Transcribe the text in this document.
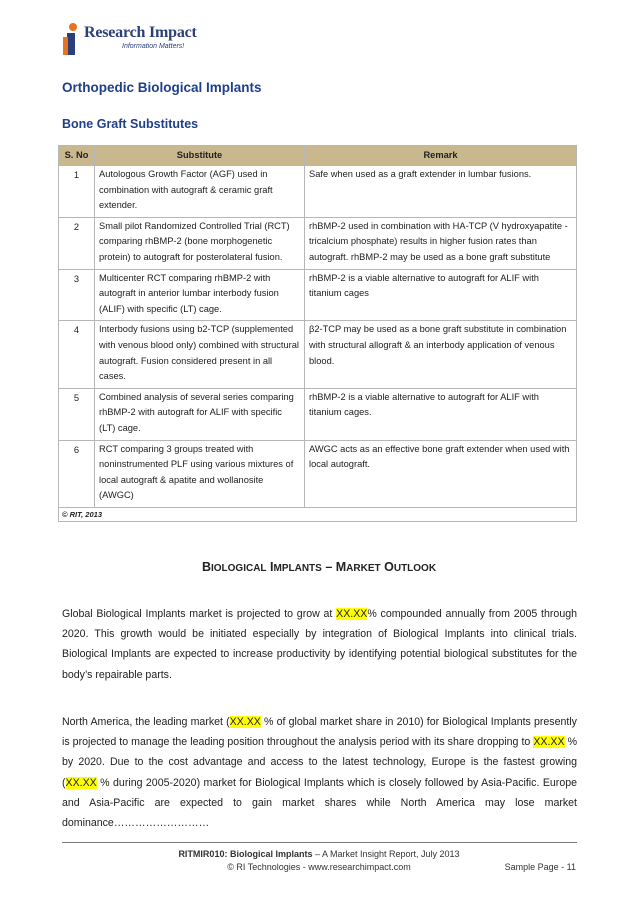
Research Impact
Information Matters!
Orthopedic Biological Implants
Bone Graft Substitutes
S. No	Substitute	Remark
1	Autologous Growth Factor (AGF) used in combination with autograft & ceramic graft extender.	Safe when used as a graft extender in lumbar fusions.
2	Small pilot Randomized Controlled Trial (RCT) comparing rhBMP-2 (bone morphogenetic protein) to autograft for posterolateral fusion.	rhBMP-2 used in combination with HA-TCP (V hydroxyapatite - tricalcium phosphate) results in higher fusion rates than autograft. rhBMP-2 may be used as a bone graft substitute
3	Multicenter RCT comparing rhBMP-2 with autograft in anterior lumbar interbody fusion (ALIF) with specific (LT) cage.	rhBMP-2 is a viable alternative to autograft for ALIF with titanium cages
4	Interbody fusions using b2-TCP (supplemented with venous blood only) combined with structural autograft. Fusion considered present in all cases.	β2-TCP may be used as a bone graft substitute in combination with structural allograft & an interbody application of venous blood.
5	Combined analysis of several series comparing rhBMP-2 with autograft for ALIF with specific (LT) cage.	rhBMP-2 is a viable alternative to autograft for ALIF with titanium cages.
6	RCT comparing 3 groups treated with noninstrumented PLF using various mixtures of local autograft & apatite and wollanosite (AWGC)	AWGC acts as an effective bone graft extender when used with local autograft.
© RIT, 2013		
BIOLOGICAL IMPLANTS – MARKET OUTLOOK
Global Biological Implants market is projected to grow at XX.XX% compounded annually from 2005 through 2020. This growth would be initiated especially by integration of Biological Implants into clinical trials. Biological Implants are expected to increase productivity by identifying potential biological substitutes for the body’s repairable parts.
North America, the leading market (XX.XX % of global market share in 2010) for Biological Implants presently is projected to manage the leading position throughout the analysis period with its share dropping to XX.XX % by 2020. Due to the cost advantage and access to the latest technology, Europe is the fastest growing (XX.XX % during 2005-2020) market for Biological Implants which is closely followed by Asia-Pacific. Europe and Asia-Pacific are expected to gain market shares while North America may lose market dominance………………………
RITMIR010: Biological Implants – A Market Insight Report, July 2013
© RI Technologies - www.researchimpact.com	Sample Page - 11
